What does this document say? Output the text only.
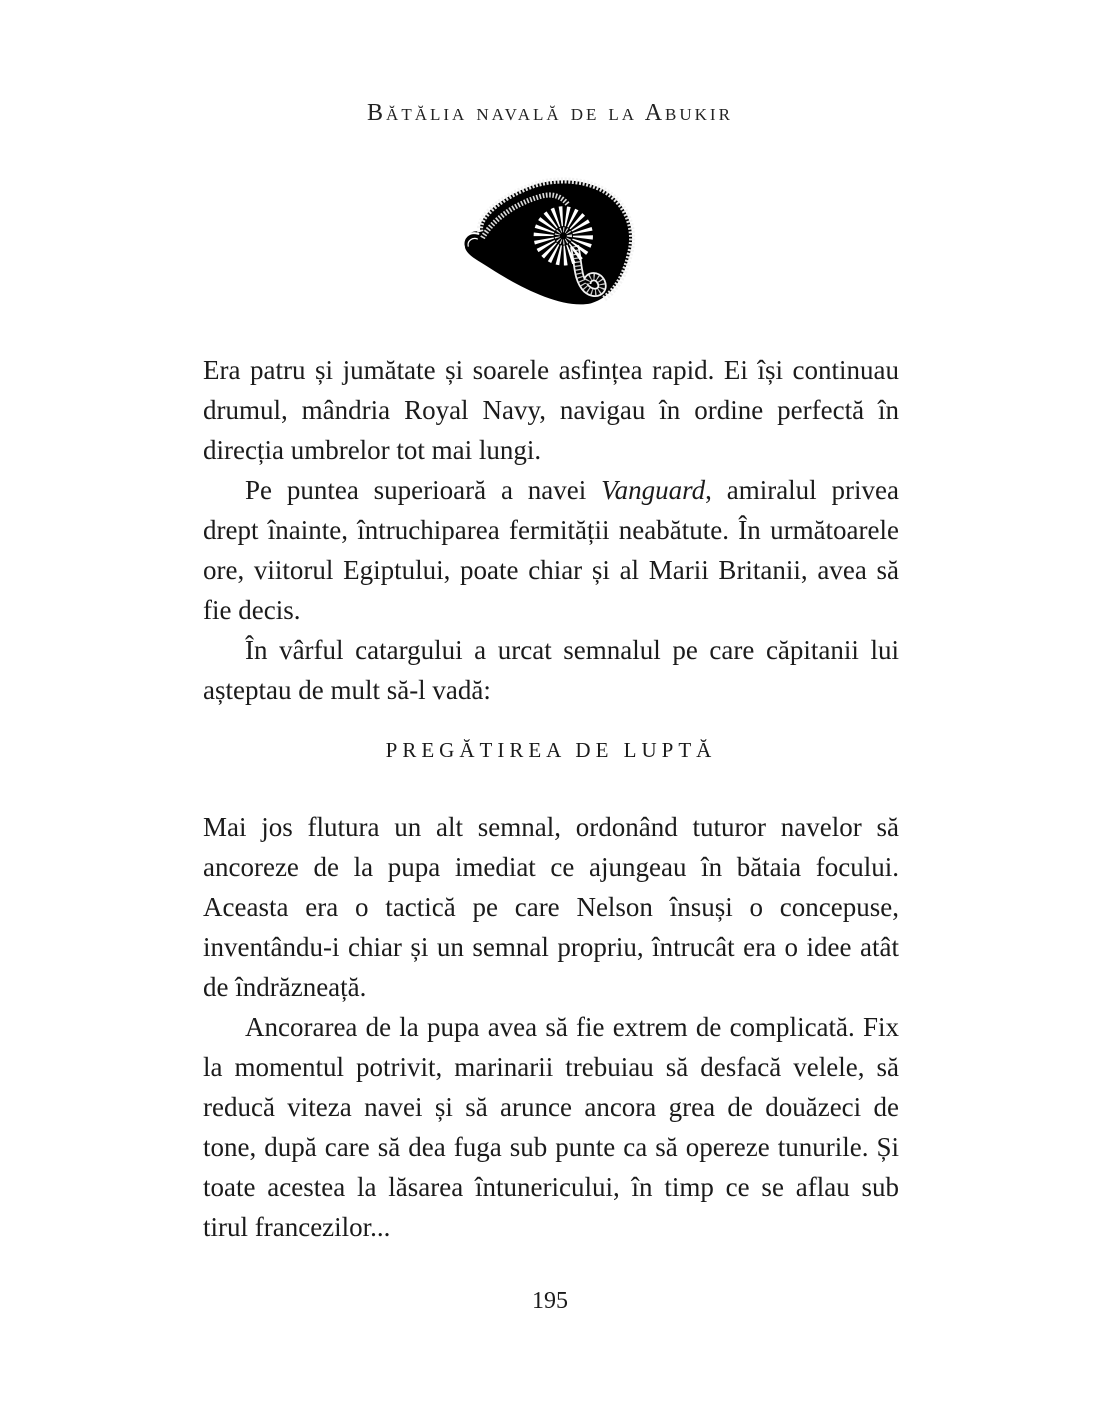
Bătălia navală de la Abukir

Era patru și jumătate și soarele asfințea rapid. Ei își continuau drumul, mândria Royal Navy, navigau în ordine perfectă în direcția umbrelor tot mai lungi.

Pe puntea superioară a navei Vanguard, amiralul privea drept înainte, întruchiparea fermității neabătute. În următoarele ore, viitorul Egiptului, poate chiar și al Marii Britanii, avea să fie decis.

În vârful catargului a urcat semnalul pe care căpitanii lui așteptau de mult să-l vadă:

PREGĂTIREA DE LUPTĂ

Mai jos flutura un alt semnal, ordonând tuturor navelor să ancoreze de la pupa imediat ce ajungeau în bătaia focului. Aceasta era o tactică pe care Nelson însuși o concepuse, inventându-i chiar și un semnal propriu, întrucât era o idee atât de îndrăzneață.

Ancorarea de la pupa avea să fie extrem de complicată. Fix la momentul potrivit, marinarii trebuiau să desfacă velele, să reducă viteza navei și să arunce ancora grea de douăzeci de tone, după care să dea fuga sub punte ca să opereze tunurile. Și toate acestea la lăsarea întunericului, în timp ce se aflau sub tirul francezilor...

195
